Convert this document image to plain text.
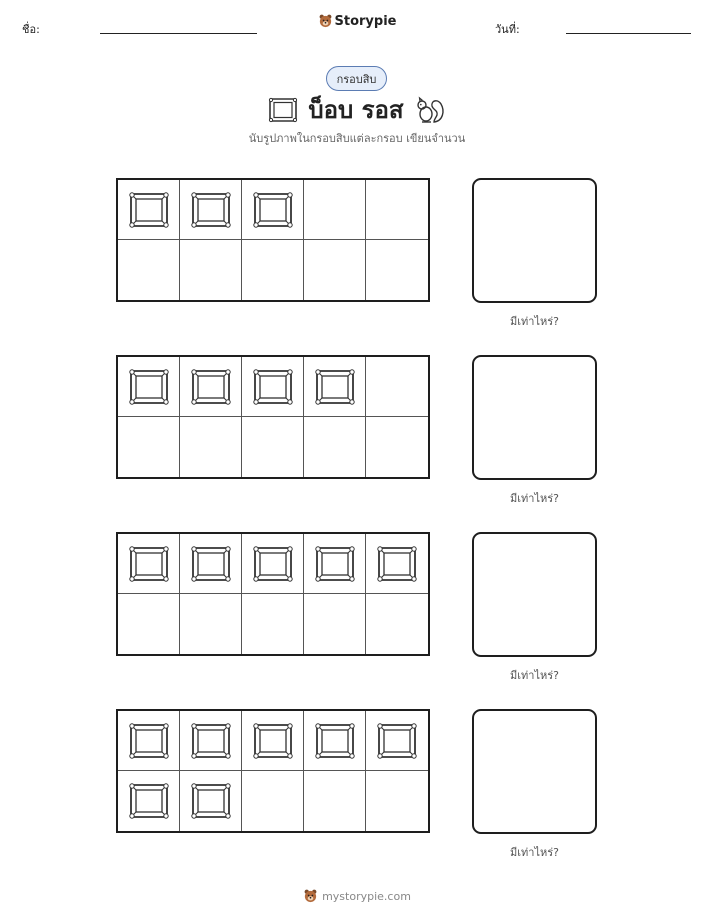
ชื่อ:
Storypie
วันที่:
กรอบสิบ
บ็อบ รอส
นับรูปภาพในกรอบสิบแต่ละกรอบ เขียนจำนวน
มีเท่าไหร่?
มีเท่าไหร่?
มีเท่าไหร่?
มีเท่าไหร่?
mystorypie.com
